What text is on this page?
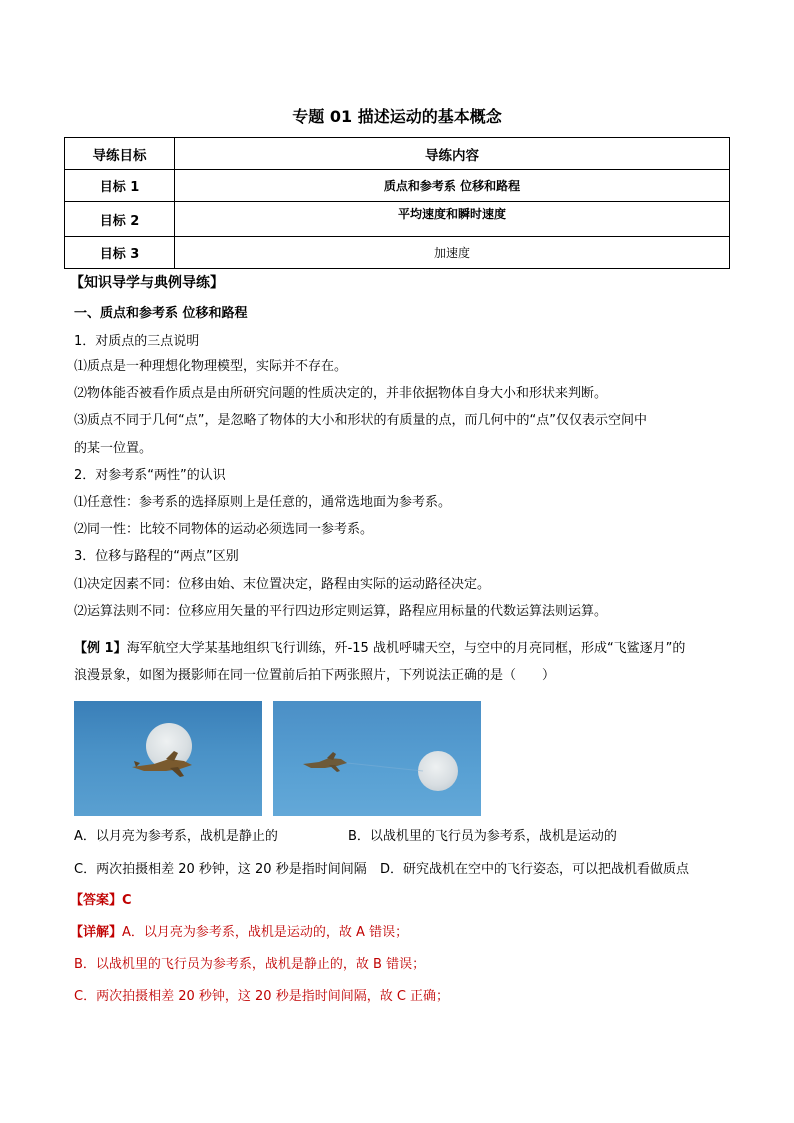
专题 01 描述运动的基本概念
导练目标	导练内容
目标 1	质点和参考系 位移和路程
目标 2	平均速度和瞬时速度
目标 3	加速度
【知识导学与典例导练】
一、质点和参考系 位移和路程
1．对质点的三点说明
⑴质点是一种理想化物理模型，实际并不存在。
⑵物体能否被看作质点是由所研究问题的性质决定的，并非依据物体自身大小和形状来判断。
⑶质点不同于几何“点”，是忽略了物体的大小和形状的有质量的点，而几何中的“点”仅仅表示空间中
的某一位置。
2．对参考系“两性”的认识
⑴任意性：参考系的选择原则上是任意的，通常选地面为参考系。
⑵同一性：比较不同物体的运动必须选同一参考系。
3．位移与路程的“两点”区别
⑴决定因素不同：位移由始、末位置决定，路程由实际的运动路径决定。
⑵运算法则不同：位移应用矢量的平行四边形定则运算，路程应用标量的代数运算法则运算。
【例 1】海军航空大学某基地组织飞行训练，歼-15 战机呼啸天空，与空中的月亮同框，形成“飞鲨逐月”的
浪漫景象，如图为摄影师在同一位置前后拍下两张照片，下列说法正确的是（　　）
A．以月亮为参考系，战机是静止的	B．以战机里的飞行员为参考系，战机是运动的
C．两次拍摄相差 20 秒钟，这 20 秒是指时间间隔 D．研究战机在空中的飞行姿态，可以把战机看做质点
【答案】C
【详解】A．以月亮为参考系，战机是运动的，故 A 错误；
B．以战机里的飞行员为参考系，战机是静止的，故 B 错误；
C．两次拍摄相差 20 秒钟，这 20 秒是指时间间隔，故 C 正确；
